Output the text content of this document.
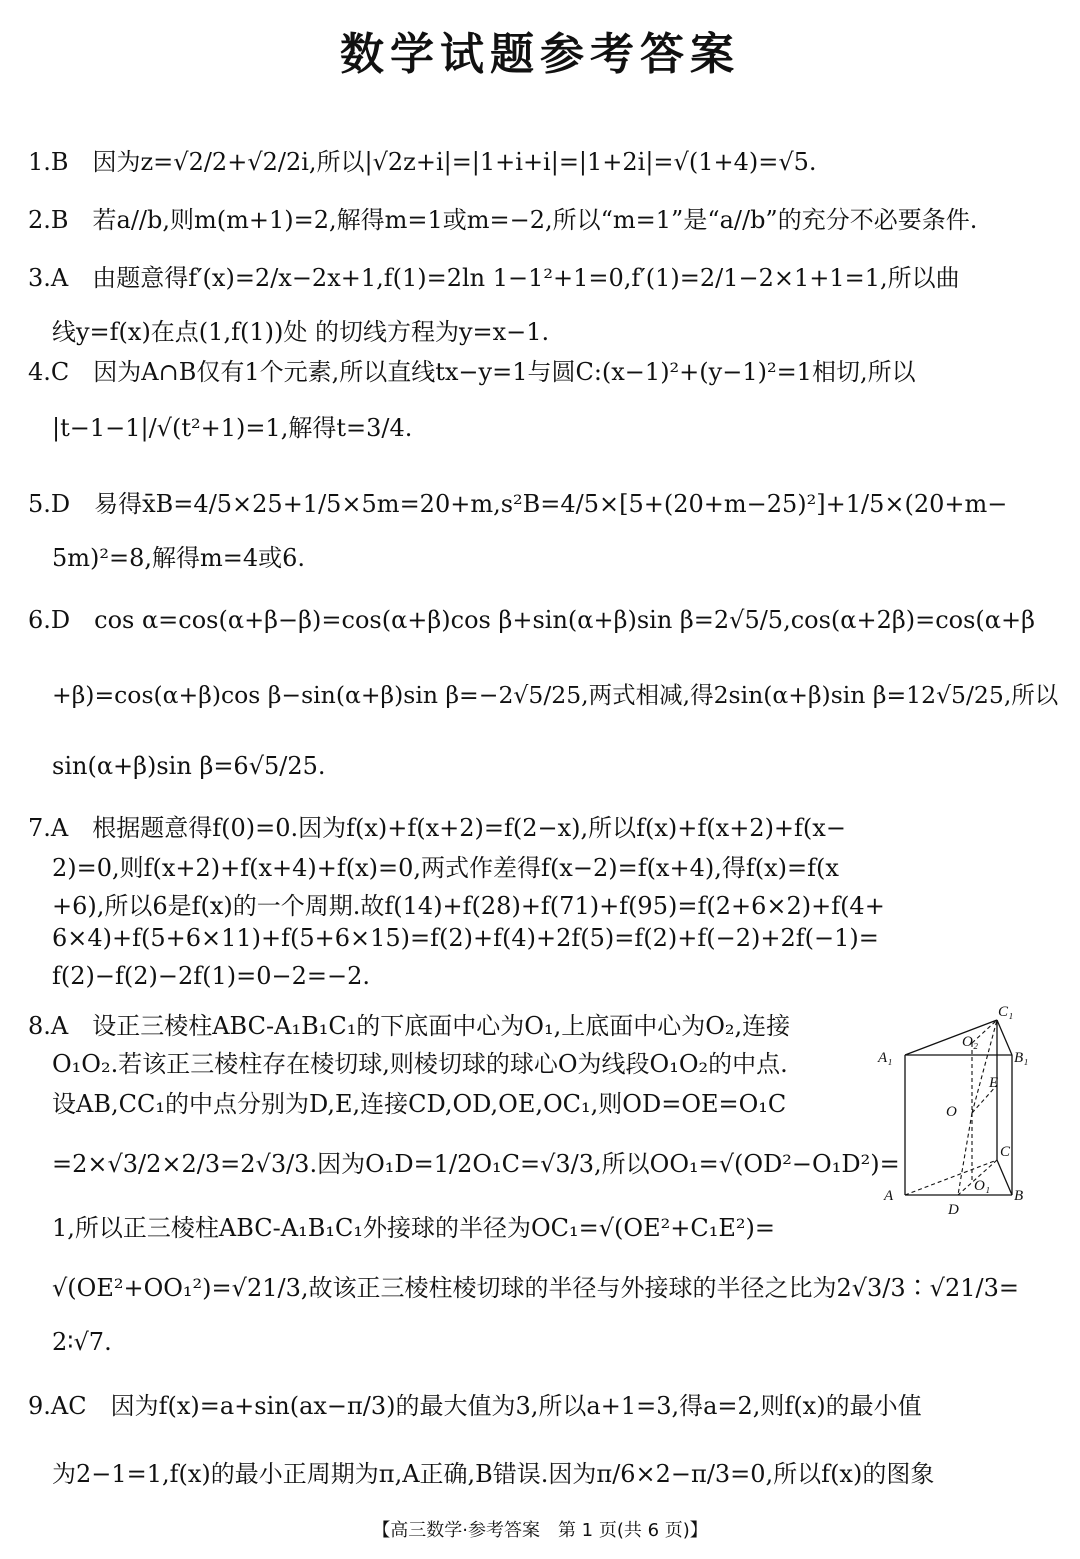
数学试题参考答案
1.B　因为z=√2/2+√2/2i,所以|√2z+i|=|1+i+i|=|1+2i|=√(1+4)=√5.
2.B　若a//b,则m(m+1)=2,解得m=1或m=−2,所以“m=1”是“a//b”的充分不必要条件.
3.A　由题意得f′(x)=2/x−2x+1,f(1)=2ln 1−1²+1=0,f′(1)=2/1−2×1+1=1,所以曲
线y=f(x)在点(1,f(1))处 的切线方程为y=x−1.
4.C　因为A∩B仅有1个元素,所以直线tx−y=1与圆C:(x−1)²+(y−1)²=1相切,所以
|t−1−1|/√(t²+1)=1,解得t=3/4.
5.D　易得x̄B=4/5×25+1/5×5m=20+m,s²B=4/5×[5+(20+m−25)²]+1/5×(20+m−
5m)²=8,解得m=4或6.
6.D　cos α=cos(α+β−β)=cos(α+β)cos β+sin(α+β)sin β=2√5/5,cos(α+2β)=cos(α+β
+β)=cos(α+β)cos β−sin(α+β)sin β=−2√5/25,两式相减,得2sin(α+β)sin β=12√5/25,所以
sin(α+β)sin β=6√5/25.
7.A　根据题意得f(0)=0.因为f(x)+f(x+2)=f(2−x),所以f(x)+f(x+2)+f(x−
2)=0,则f(x+2)+f(x+4)+f(x)=0,两式作差得f(x−2)=f(x+4),得f(x)=f(x
+6),所以6是f(x)的一个周期.故f(14)+f(28)+f(71)+f(95)=f(2+6×2)+f(4+
6×4)+f(5+6×11)+f(5+6×15)=f(2)+f(4)+2f(5)=f(2)+f(−2)+2f(−1)=
f(2)−f(2)−2f(1)=0−2=−2.
8.A　设正三棱柱ABC-A₁B₁C₁的下底面中心为O₁,上底面中心为O₂,连接
O₁O₂.若该正三棱柱存在棱切球,则棱切球的球心O为线段O₁O₂的中点.
设AB,CC₁的中点分别为D,E,连接CD,OD,OE,OC₁,则OD=OE=O₁C
=2×√3/2×2/3=2√3/3.因为O₁D=1/2O₁C=√3/3,所以OO₁=√(OD²−O₁D²)=
1,所以正三棱柱ABC-A₁B₁C₁外接球的半径为OC₁=√(OE²+C₁E²)=
√(OE²+OO₁²)=√21/3,故该正三棱柱棱切球的半径与外接球的半径之比为2√3/3∶√21/3=
2∶√7.
9.AC　因为f(x)=a+sin(ax−π/3)的最大值为3,所以a+1=3,得a=2,则f(x)的最小值
为2−1=1,f(x)的最小正周期为π,A正确,B错误.因为π/6×2−π/3=0,所以f(x)的图象
C₁
A₁	B₁
O₂
E
O
C
A
O₁
B
D
【高三数学·参考答案　第 1 页(共 6 页)】
